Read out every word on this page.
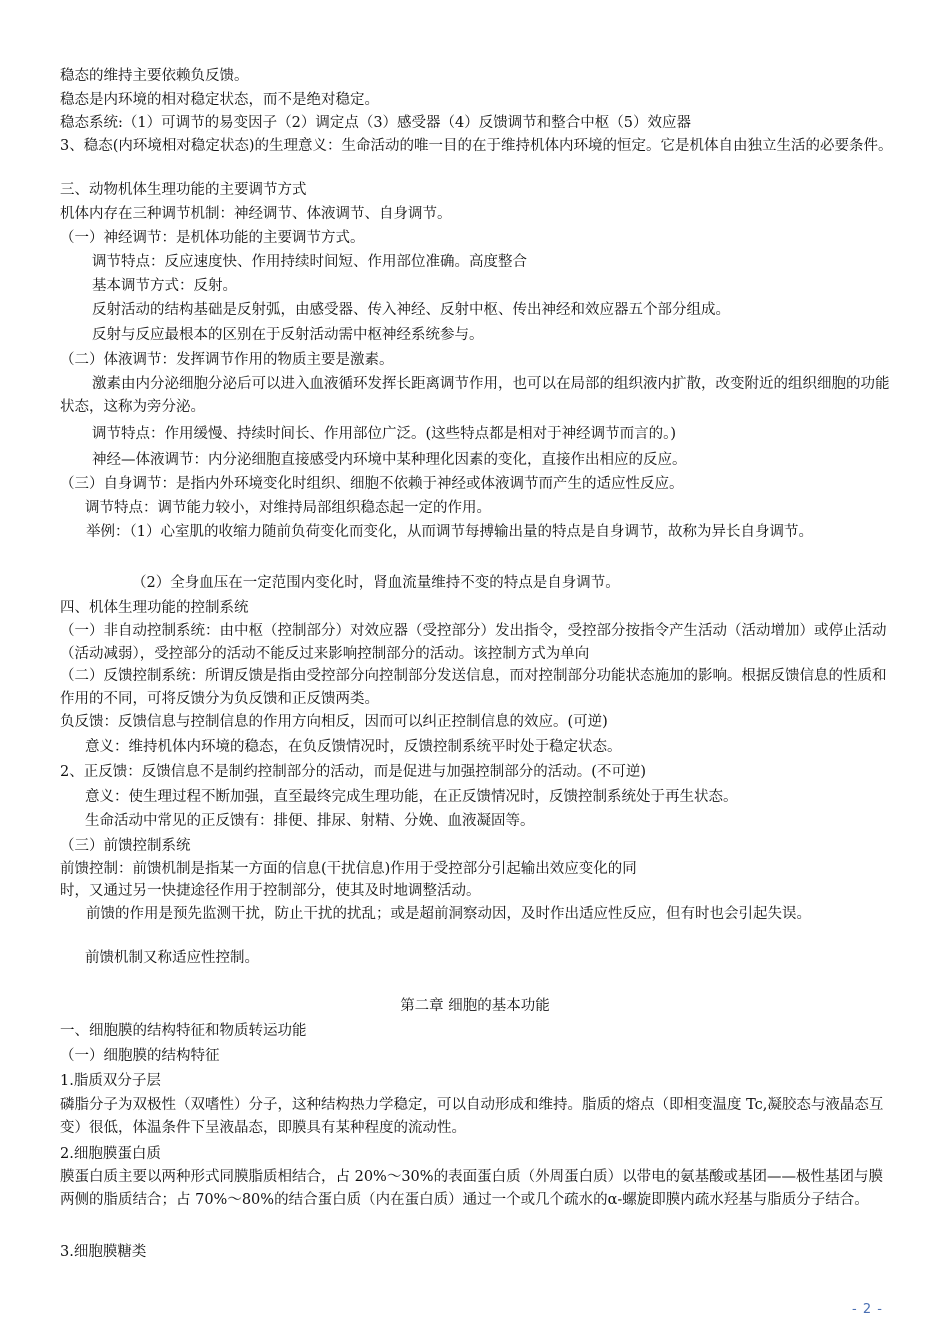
稳态的维持主要依赖负反馈。
稳态是内环境的相对稳定状态，而不是绝对稳定。
稳态系统:（1）可调节的易变因子（2）调定点（3）感受器（4）反馈调节和整合中枢（5）效应器
3、稳态(内环境相对稳定状态)的生理意义：生命活动的唯一目的在于维持机体内环境的恒定。它是机体自由独立生活的必要条件。
三、动物机体生理功能的主要调节方式
机体内存在三种调节机制：神经调节、体液调节、自身调节。
（一）神经调节：是机体功能的主要调节方式。
调节特点：反应速度快、作用持续时间短、作用部位准确。高度整合
基本调节方式：反射。
反射活动的结构基础是反射弧，由感受器、传入神经、反射中枢、传出神经和效应器五个部分组成。
反射与反应最根本的区别在于反射活动需中枢神经系统参与。
（二）体液调节：发挥调节作用的物质主要是激素。
激素由内分泌细胞分泌后可以进入血液循环发挥长距离调节作用，也可以在局部的组织液内扩散，改变附近的组织细胞的功能状态，这称为旁分泌。
调节特点：作用缓慢、持续时间长、作用部位广泛。(这些特点都是相对于神经调节而言的。)
神经—体液调节：内分泌细胞直接感受内环境中某种理化因素的变化，直接作出相应的反应。
（三）自身调节：是指内外环境变化时组织、细胞不依赖于神经或体液调节而产生的适应性反应。
调节特点：调节能力较小，对维持局部组织稳态起一定的作用。
举例：（1）心室肌的收缩力随前负荷变化而变化，从而调节每搏输出量的特点是自身调节，故称为异长自身调节。
（2）全身血压在一定范围内变化时，肾血流量维持不变的特点是自身调节。
四、机体生理功能的控制系统
（一）非自动控制系统：由中枢（控制部分）对效应器（受控部分）发出指令，受控部分按指令产生活动（活动增加）或停止活动（活动减弱），受控部分的活动不能反过来影响控制部分的活动。该控制方式为单向
（二）反馈控制系统：所谓反馈是指由受控部分向控制部分发送信息，而对控制部分功能状态施加的影响。根据反馈信息的性质和作用的不同，可将反馈分为负反馈和正反馈两类。
负反馈：反馈信息与控制信息的作用方向相反，因而可以纠正控制信息的效应。(可逆)
意义：维持机体内环境的稳态，在负反馈情况时，反馈控制系统平时处于稳定状态。
2、正反馈：反馈信息不是制约控制部分的活动，而是促进与加强控制部分的活动。(不可逆)
意义：使生理过程不断加强，直至最终完成生理功能，在正反馈情况时，反馈控制系统处于再生状态。
生命活动中常见的正反馈有：排便、排尿、射精、分娩、血液凝固等。
（三）前馈控制系统
前馈控制：前馈机制是指某一方面的信息(干扰信息)作用于受控部分引起输出效应变化的同
时，又通过另一快捷途径作用于控制部分，使其及时地调整活动。
前馈的作用是预先监测干扰，防止干扰的扰乱；或是超前洞察动因，及时作出适应性反应，但有时也会引起失误。
前馈机制又称适应性控制。
第二章 细胞的基本功能
一、细胞膜的结构特征和物质转运功能
（一）细胞膜的结构特征
1.脂质双分子层
磷脂分子为双极性（双嗜性）分子，这种结构热力学稳定，可以自动形成和维持。脂质的熔点（即相变温度 Tc,凝胶态与液晶态互变）很低，体温条件下呈液晶态，即膜具有某种程度的流动性。
2.细胞膜蛋白质
膜蛋白质主要以两种形式同膜脂质相结合，占 20%～30%的表面蛋白质（外周蛋白质）以带电的氨基酸或基团——极性基团与膜两侧的脂质结合；占 70%～80%的结合蛋白质（内在蛋白质）通过一个或几个疏水的α-螺旋即膜内疏水羟基与脂质分子结合。
3.细胞膜糖类
- 2 -
